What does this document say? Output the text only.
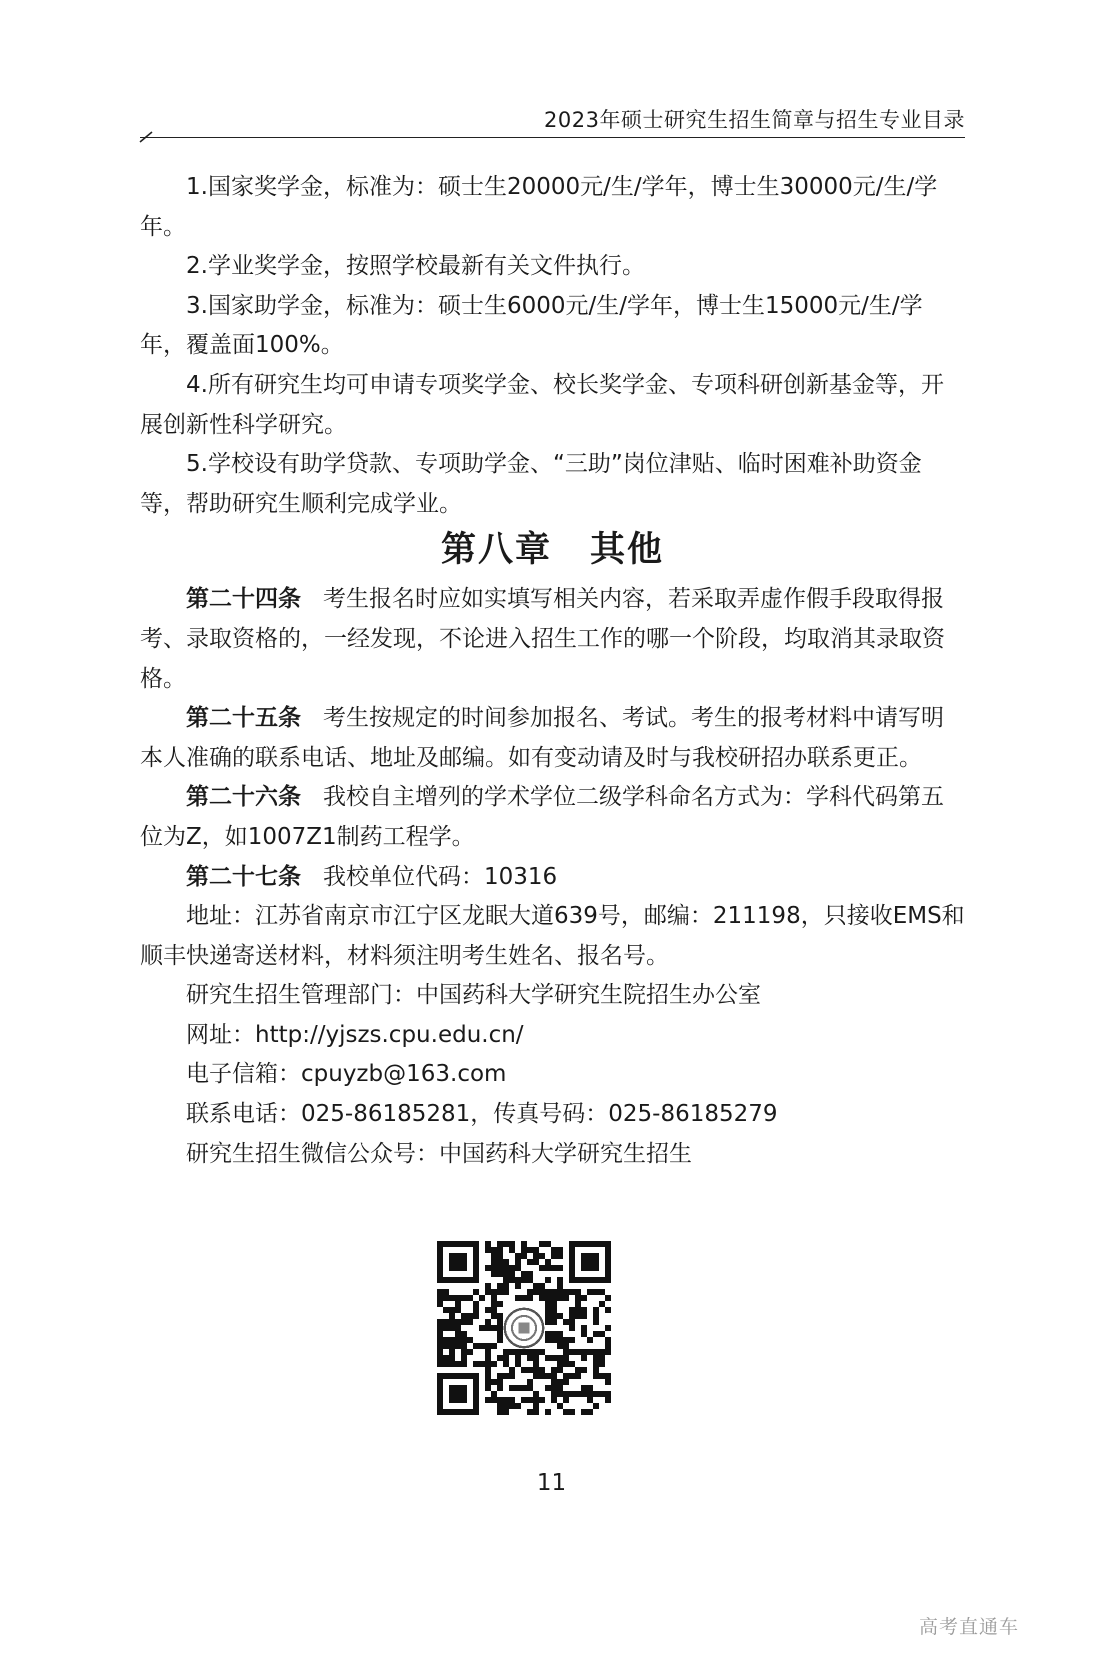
2023年硕士研究生招生简章与招生专业目录

1.国家奖学金，标准为：硕士生20000元/生/学年，博士生30000元/生/学年。

2.学业奖学金，按照学校最新有关文件执行。

3.国家助学金，标准为：硕士生6000元/生/学年，博士生15000元/生/学年，覆盖面100%。

4.所有研究生均可申请专项奖学金、校长奖学金、专项科研创新基金等，开展创新性科学研究。

5.学校设有助学贷款、专项助学金、“三助”岗位津贴、临时困难补助资金等，帮助研究生顺利完成学业。

第八章 其他

第二十四条 考生报名时应如实填写相关内容，若采取弄虚作假手段取得报考、录取资格的，一经发现，不论进入招生工作的哪一个阶段，均取消其录取资格。

第二十五条 考生按规定的时间参加报名、考试。考生的报考材料中请写明本人准确的联系电话、地址及邮编。如有变动请及时与我校研招办联系更正。

第二十六条 我校自主增列的学术学位二级学科命名方式为：学科代码第五位为Z，如1007Z1制药工程学。

第二十七条 我校单位代码：10316

地址：江苏省南京市江宁区龙眠大道639号，邮编：211198，只接收EMS和顺丰快递寄送材料，材料须注明考生姓名、报名号。

研究生招生管理部门：中国药科大学研究生院招生办公室

网址：http://yjszs.cpu.edu.cn/

电子信箱：cpuyzb@163.com

联系电话：025-86185281，传真号码：025-86185279

研究生招生微信公众号：中国药科大学研究生招生

11
高考直通车
